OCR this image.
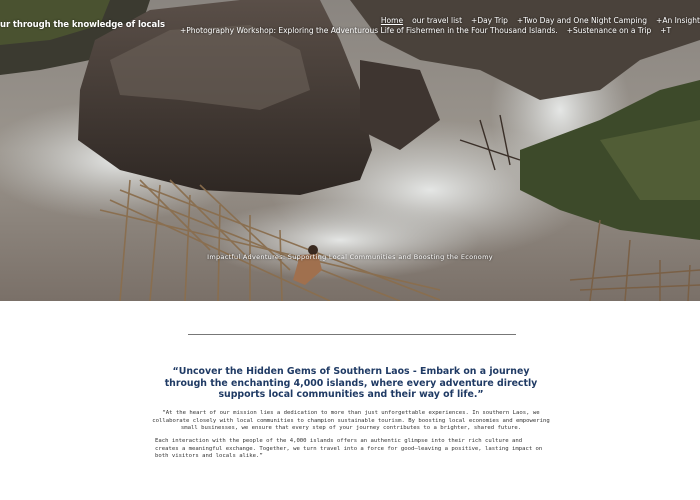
ur through the knowledge of locals	Home our travel list +Day Trip +Two Day and One Night Camping +An Insight
+Photography Workshop: Exploring the Adventurous Life of Fishermen in the Four Thousand Islands. +Sustenance on a Trip +T
Impactful Adventures: Supporting Local Communities and Boosting the Economy
“Uncover the Hidden Gems of Southern Laos - Embark on a journey through the enchanting 4,000 islands, where every adventure directly supports local communities and their way of life.”

“At the heart of our mission lies a dedication to more than just unforgettable experiences. In southern Laos, we collaborate closely with local communities to champion sustainable tourism. By boosting local economies and empowering small businesses, we ensure that every step of your journey contributes to a brighter, shared future.

Each interaction with the people of the 4,000 islands offers an authentic glimpse into their rich culture and creates a meaningful exchange. Together, we turn travel into a force for good—leaving a positive, lasting impact on both visitors and locals alike.”
